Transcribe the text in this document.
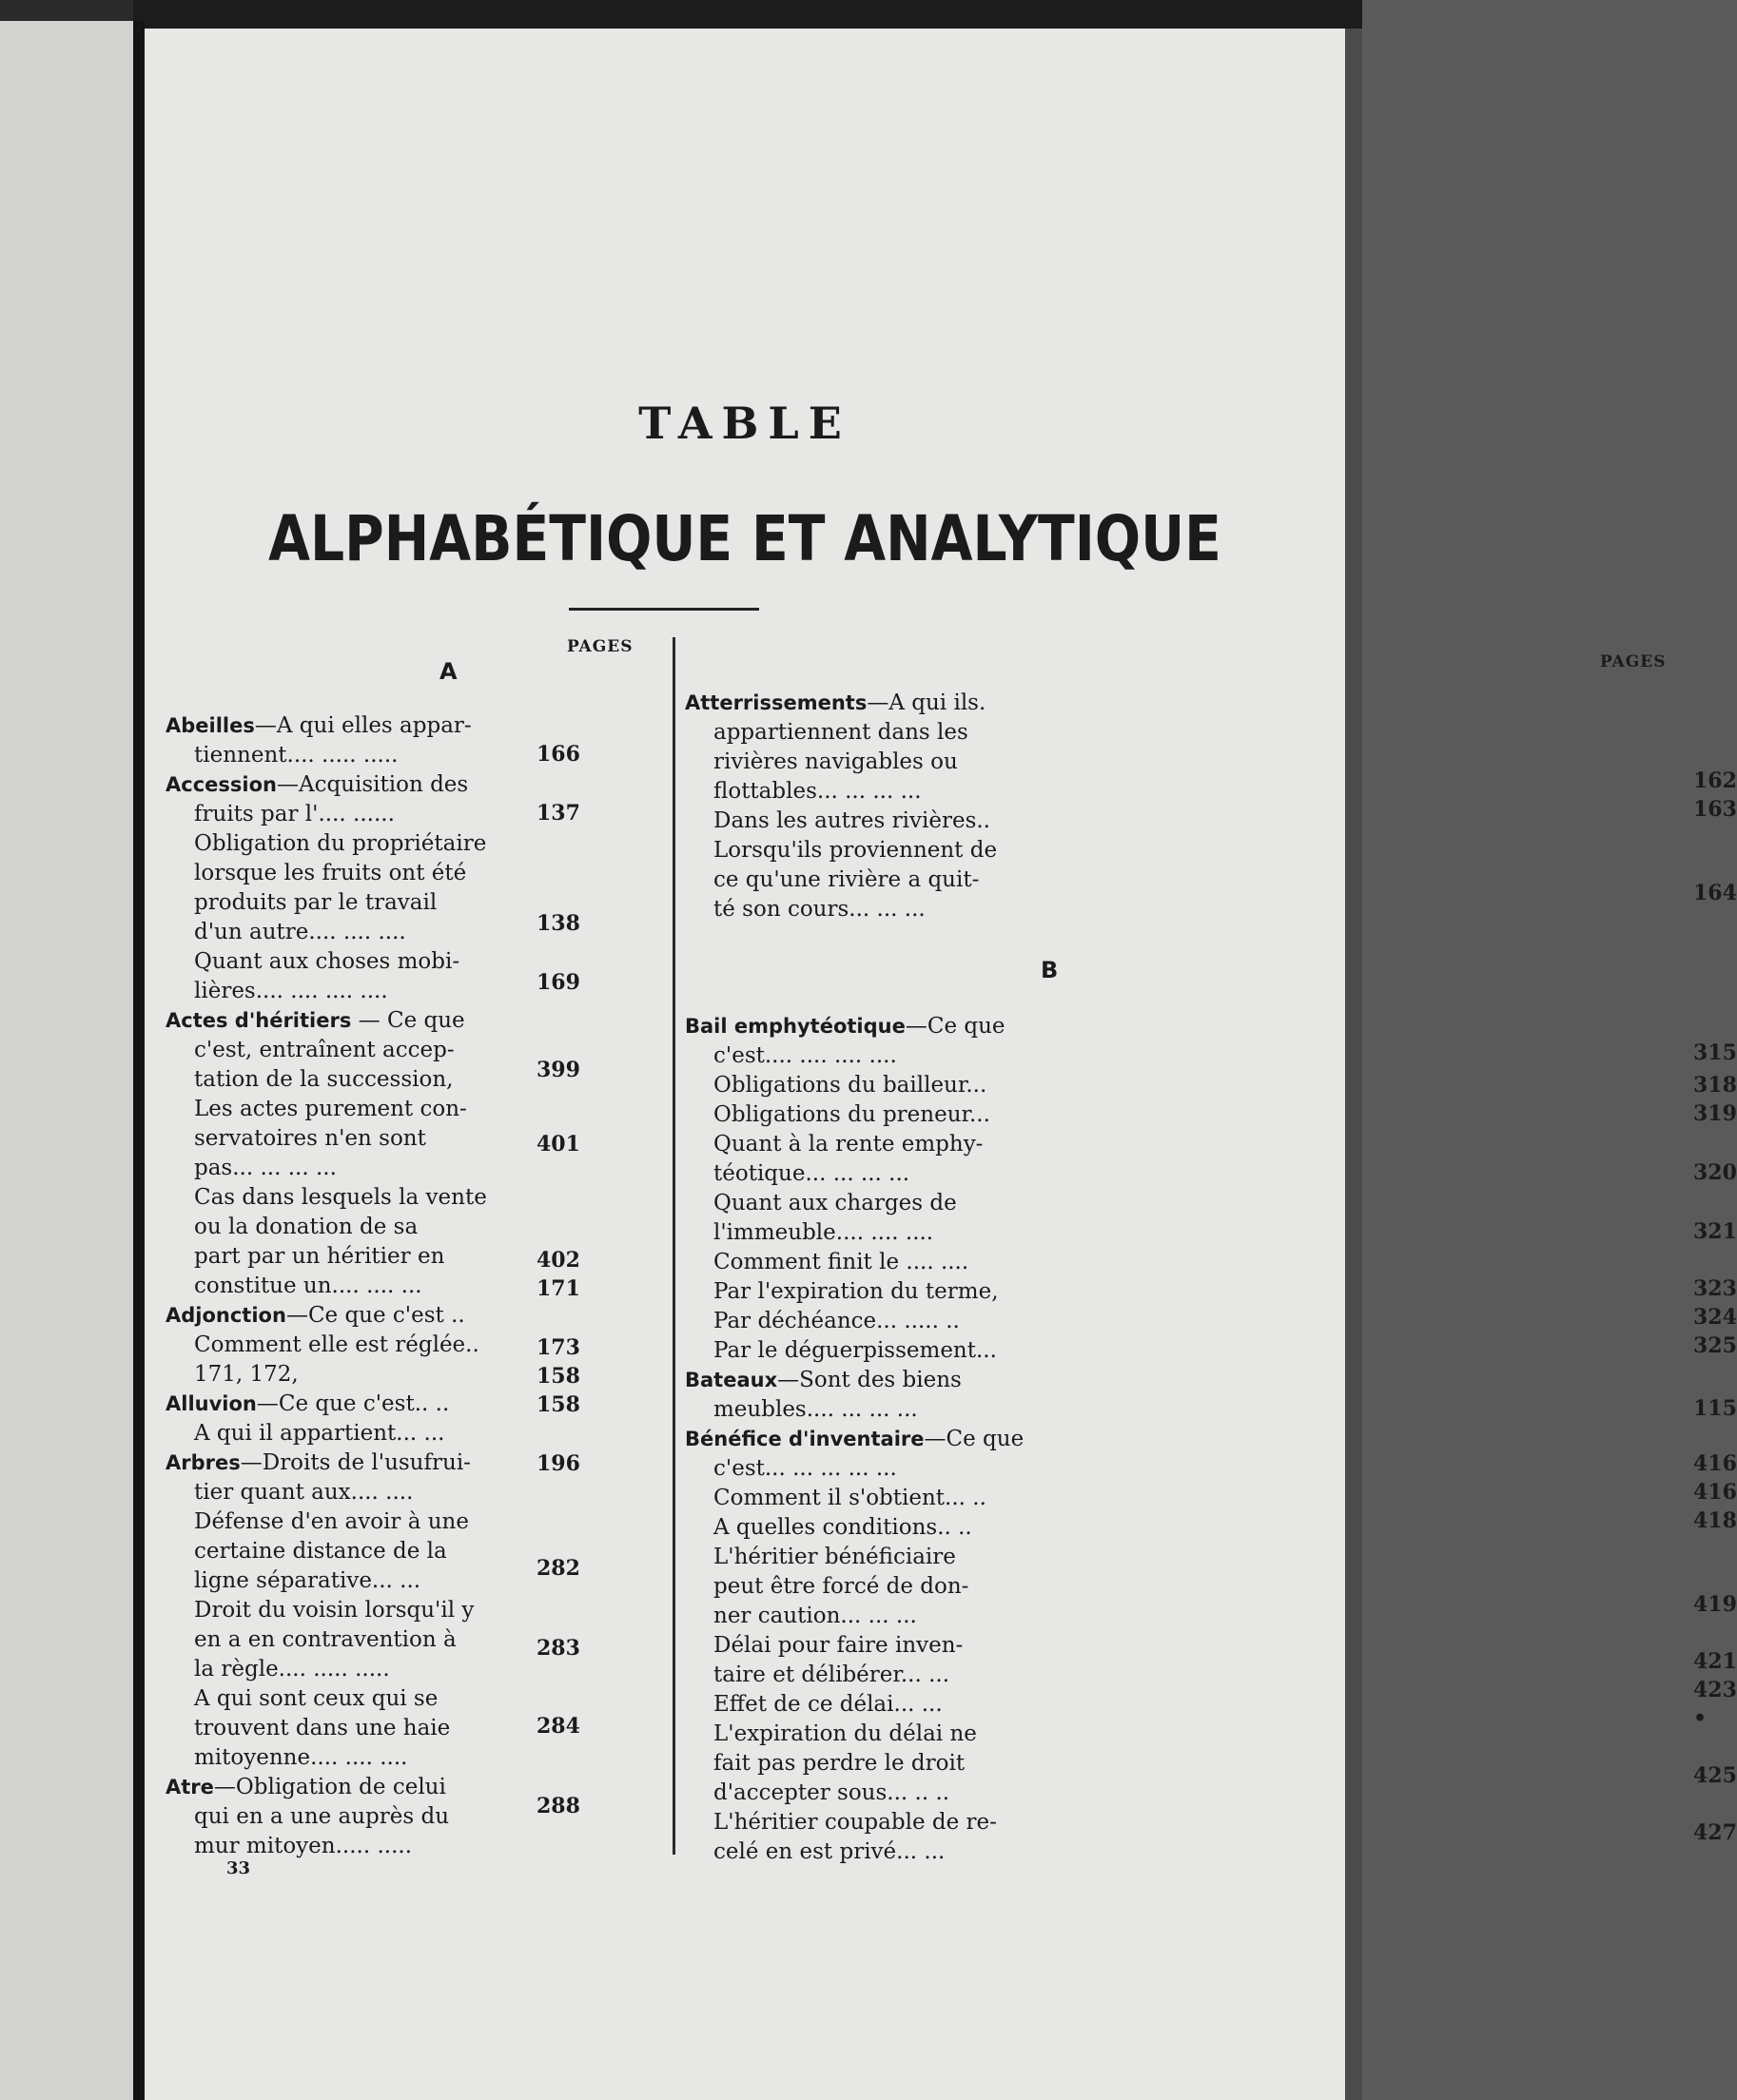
TABLE
ALPHABÉTIQUE ET ANALYTIQUE
PAGES
A
Abeilles—A qui elles appar-
tiennent.... ..... .....
Accession—Acquisition des
fruits par l'.... ......
Obligation du propriétaire
lorsque les fruits ont été
produits par le travail
d'un autre.... .... ....
Quant aux choses mobi-
lières.... .... .... ....
Actes d'héritiers — Ce que
c'est, entraînent accep-
tation de la succession,
Les actes purement con-
servatoires n'en sont
pas... ... ... ...
Cas dans lesquels la vente
ou la donation de sa
part par un héritier en
constitue un.... .... ...
Adjonction—Ce que c'est ..
Comment elle est réglée..
171, 172,
Alluvion—Ce que c'est.. ..
A qui il appartient... ...
Arbres—Droits de l'usufrui-
tier quant aux.... ....
Défense d'en avoir à une
certaine distance de la
ligne séparative... ...
Droit du voisin lorsqu'il y
en a en contravention à
la règle.... ..... .....
A qui sont ceux qui se
trouvent dans une haie
mitoyenne.... .... ....
Atre—Obligation de celui
qui en a une auprès du
mur mitoyen..... .....
166
137
138
169
399
401
402
171
173
158
158
196
282
283
284
288
PAGES
B
Atterrissements—A qui ils.
appartiennent dans les
rivières navigables ou
flottables... ... ... ...
Dans les autres rivières..
Lorsqu'ils proviennent de
ce qu'une rivière a quit-
té son cours... ... ...
Bail emphytéotique—Ce que
c'est.... .... .... ....
Obligations du bailleur...
Obligations du preneur...
Quant à la rente emphy-
téotique... ... ... ...
Quant aux charges de
l'immeuble.... .... ....
Comment finit le .... ....
Par l'expiration du terme,
Par déchéance... ..... ..
Par le déguerpissement...
Bateaux—Sont des biens
meubles.... ... ... ...
Bénéfice d'inventaire—Ce que
c'est... ... ... ... ...
Comment il s'obtient... ..
A quelles conditions.. ..
L'héritier bénéficiaire
peut être forcé de don-
ner caution... ... ...
Délai pour faire inven-
taire et délibérer... ...
Effet de ce délai... ...
L'expiration du délai ne
fait pas perdre le droit
d'accepter sous... .. ..
L'héritier coupable de re-
celé en est privé... ...
162
163
164
315
318
319
320
321
323
324
325
115
416
416
418
419
421
423
•
425
427
33
